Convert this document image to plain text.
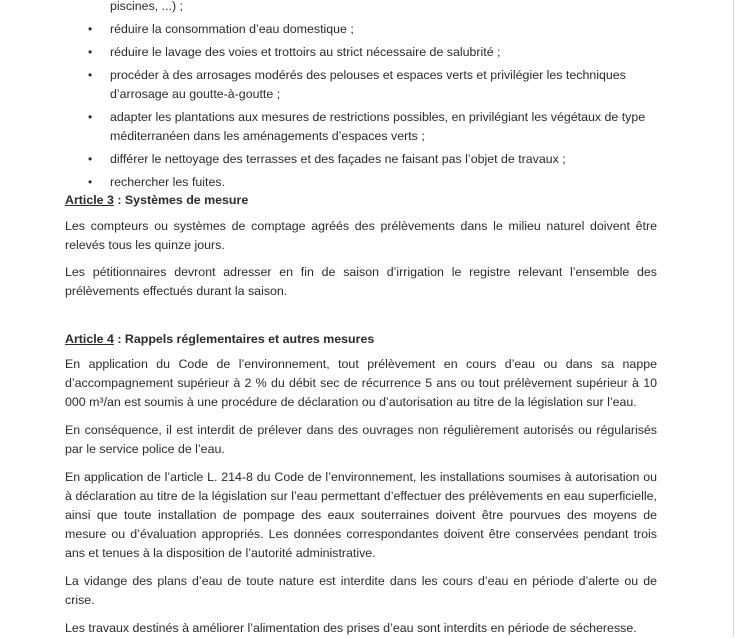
piscines, ...) ;
• réduire la consommation d’eau domestique ;
• réduire le lavage des voies et trottoirs au strict nécessaire de salubrité ;
• procéder à des arrosages modérés des pelouses et espaces verts et privilégier les techniques d’arrosage au goutte-à-goutte ;
• adapter les plantations aux mesures de restrictions possibles, en privilégiant les végétaux de type méditerranéen dans les aménagements d’espaces verts ;
• différer le nettoyage des terrasses et des façades ne faisant pas l’objet de travaux ;
• rechercher les fuites.

Article 3 : Systèmes de mesure

Les compteurs ou systèmes de comptage agréés des prélèvements dans le milieu naturel doivent être relevés tous les quinze jours.

Les pétitionnaires devront adresser en fin de saison d’irrigation le registre relevant l’ensemble des prélèvements effectués durant la saison.

Article 4 : Rappels réglementaires et autres mesures

En application du Code de l’environnement, tout prélèvement en cours d’eau ou dans sa nappe d’accompagnement supérieur à 2 % du débit sec de récurrence 5 ans ou tout prélèvement supérieur à 10 000 m³/an est soumis à une procédure de déclaration ou d’autorisation au titre de la législation sur l’eau.

En conséquence, il est interdit de prélever dans des ouvrages non régulièrement autorisés ou régularisés par le service police de l’eau.

En application de l’article L. 214-8 du Code de l’environnement, les installations soumises à autorisation ou à déclaration au titre de la législation sur l’eau permettant d’effectuer des prélèvements en eau superficielle, ainsi que toute installation de pompage des eaux souterraines doivent être pourvues des moyens de mesure ou d’évaluation appropriés. Les données correspondantes doivent être conservées pendant trois ans et tenues à la disposition de l’autorité administrative.

La vidange des plans d’eau de toute nature est interdite dans les cours d’eau en période d’alerte ou de crise.

Les travaux destinés à améliorer l’alimentation des prises d’eau sont interdits en période de sécheresse.
